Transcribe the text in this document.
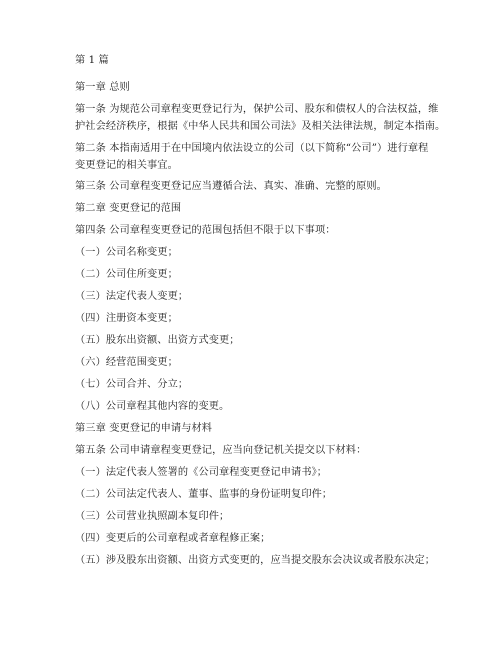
第 1 篇
第一章 总则
第一条 为规范公司章程变更登记行为，保护公司、股东和债权人的合法权益，维
护社会经济秩序，根据《中华人民共和国公司法》及相关法律法规，制定本指南。
第二条 本指南适用于在中国境内依法设立的公司（以下简称“公司”）进行章程
变更登记的相关事宜。
第三条 公司章程变更登记应当遵循合法、真实、准确、完整的原则。
第二章 变更登记的范围
第四条 公司章程变更登记的范围包括但不限于以下事项：
（一）公司名称变更；
（二）公司住所变更；
（三）法定代表人变更；
（四）注册资本变更；
（五）股东出资额、出资方式变更；
（六）经营范围变更；
（七）公司合并、分立；
（八）公司章程其他内容的变更。
第三章 变更登记的申请与材料
第五条 公司申请章程变更登记，应当向登记机关提交以下材料：
（一）法定代表人签署的《公司章程变更登记申请书》；
（二）公司法定代表人、董事、监事的身份证明复印件；
（三）公司营业执照副本复印件；
（四）变更后的公司章程或者章程修正案；
（五）涉及股东出资额、出资方式变更的，应当提交股东会决议或者股东决定；
